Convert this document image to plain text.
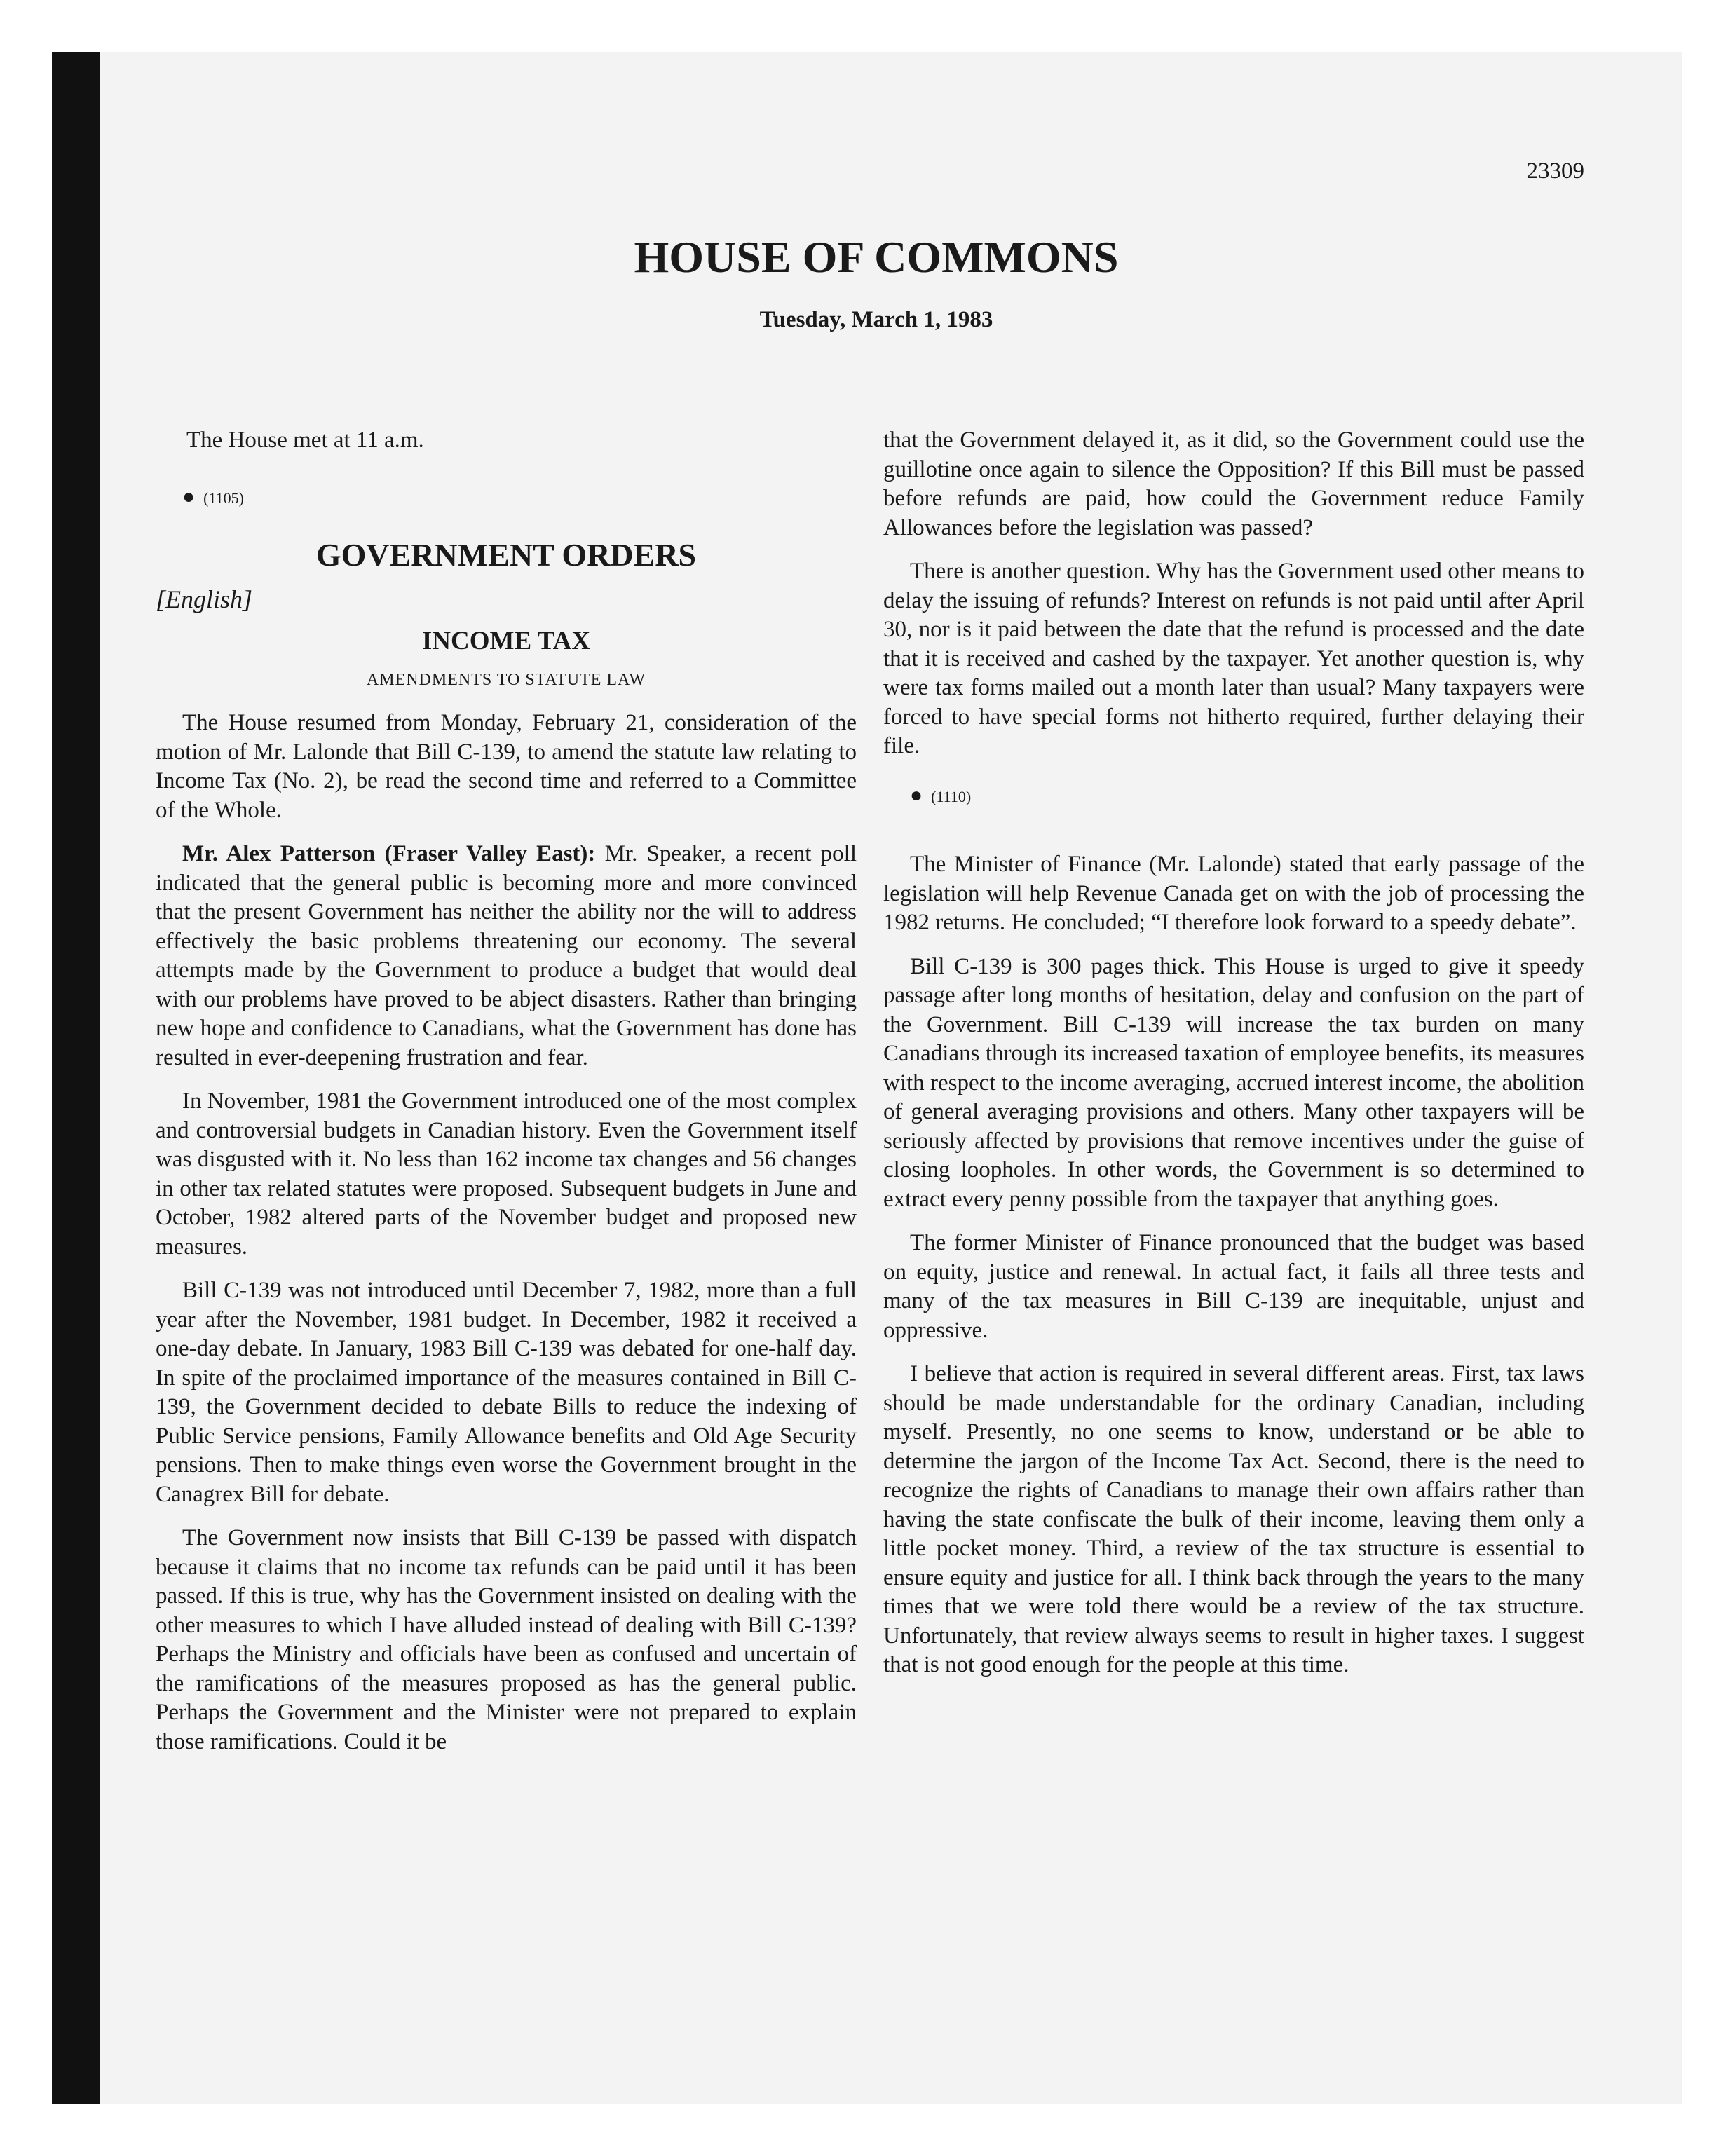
23309
HOUSE OF COMMONS
Tuesday, March 1, 1983

The House met at 11 a.m.

● (1105)

GOVERNMENT ORDERS
[English]
INCOME TAX
AMENDMENTS TO STATUTE LAW

The House resumed from Monday, February 21, consideration of the motion of Mr. Lalonde that Bill C-139, to amend the statute law relating to Income Tax (No. 2), be read the second time and referred to a Committee of the Whole.

Mr. Alex Patterson (Fraser Valley East): Mr. Speaker, a recent poll indicated that the general public is becoming more and more convinced that the present Government has neither the ability nor the will to address effectively the basic problems threatening our economy. The several attempts made by the Government to produce a budget that would deal with our problems have proved to be abject disasters. Rather than bringing new hope and confidence to Canadians, what the Government has done has resulted in ever-deepening frustration and fear.

In November, 1981 the Government introduced one of the most complex and controversial budgets in Canadian history. Even the Government itself was disgusted with it. No less than 162 income tax changes and 56 changes in other tax related statutes were proposed. Subsequent budgets in June and October, 1982 altered parts of the November budget and proposed new measures.

Bill C-139 was not introduced until December 7, 1982, more than a full year after the November, 1981 budget. In December, 1982 it received a one-day debate. In January, 1983 Bill C-139 was debated for one-half day. In spite of the proclaimed importance of the measures contained in Bill C-139, the Government decided to debate Bills to reduce the indexing of Public Service pensions, Family Allowance benefits and Old Age Security pensions. Then to make things even worse the Government brought in the Canagrex Bill for debate.

The Government now insists that Bill C-139 be passed with dispatch because it claims that no income tax refunds can be paid until it has been passed. If this is true, why has the Government insisted on dealing with the other measures to which I have alluded instead of dealing with Bill C-139? Perhaps the Ministry and officials have been as confused and uncertain of the ramifications of the measures proposed as has the general public. Perhaps the Government and the Minister were not prepared to explain those ramifications. Could it be

that the Government delayed it, as it did, so the Government could use the guillotine once again to silence the Opposition? If this Bill must be passed before refunds are paid, how could the Government reduce Family Allowances before the legislation was passed?

There is another question. Why has the Government used other means to delay the issuing of refunds? Interest on refunds is not paid until after April 30, nor is it paid between the date that the refund is processed and the date that it is received and cashed by the taxpayer. Yet another question is, why were tax forms mailed out a month later than usual? Many taxpayers were forced to have special forms not hitherto required, further delaying their file.

● (1110)

The Minister of Finance (Mr. Lalonde) stated that early passage of the legislation will help Revenue Canada get on with the job of processing the 1982 returns. He concluded; “I therefore look forward to a speedy debate”.

Bill C-139 is 300 pages thick. This House is urged to give it speedy passage after long months of hesitation, delay and confusion on the part of the Government. Bill C-139 will increase the tax burden on many Canadians through its increased taxation of employee benefits, its measures with respect to the income averaging, accrued interest income, the abolition of general averaging provisions and others. Many other taxpayers will be seriously affected by provisions that remove incentives under the guise of closing loopholes. In other words, the Government is so determined to extract every penny possible from the taxpayer that anything goes.

The former Minister of Finance pronounced that the budget was based on equity, justice and renewal. In actual fact, it fails all three tests and many of the tax measures in Bill C-139 are inequitable, unjust and oppressive.

I believe that action is required in several different areas. First, tax laws should be made understandable for the ordinary Canadian, including myself. Presently, no one seems to know, understand or be able to determine the jargon of the Income Tax Act. Second, there is the need to recognize the rights of Canadians to manage their own affairs rather than having the state confiscate the bulk of their income, leaving them only a little pocket money. Third, a review of the tax structure is essential to ensure equity and justice for all. I think back through the years to the many times that we were told there would be a review of the tax structure. Unfortunately, that review always seems to result in higher taxes. I suggest that is not good enough for the people at this time.
